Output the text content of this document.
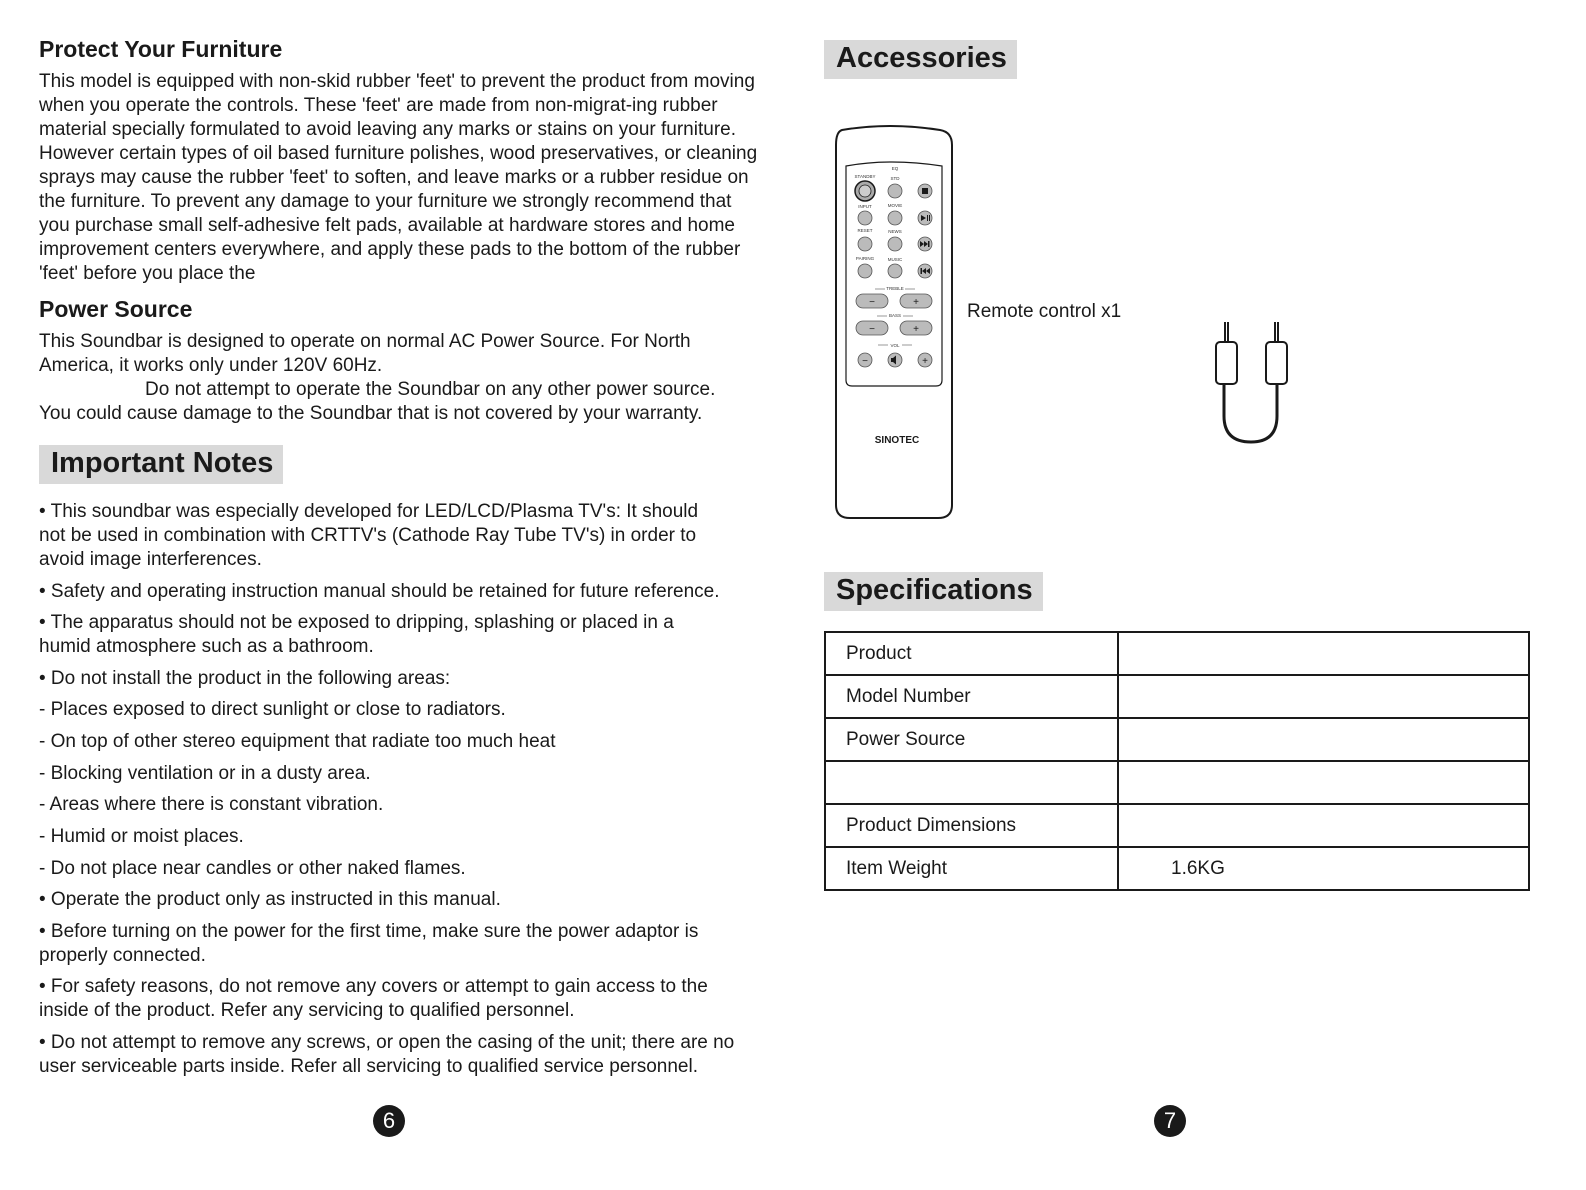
Protect Your Furniture

This model is equipped with non-skid rubber 'feet' to prevent the product from moving when you operate the controls. These 'feet' are made from non-migrat-ing rubber material specially formulated to avoid leaving any marks or stains on your furniture. However certain types of oil based furniture polishes, wood preservatives, or cleaning sprays may cause the rubber 'feet' to soften, and leave marks or a rubber residue on the furniture. To prevent any damage to your furniture we strongly recommend that you purchase small self-adhesive felt pads, available at hardware stores and home improvement centers everywhere, and apply these pads to the bottom of the rubber 'feet' before you place the

Power Source

This Soundbar is designed to operate on normal AC Power Source. For North America, it works only under 120V 60Hz.

Do not attempt to operate the Soundbar on any other power source.

You could cause damage to the Soundbar that is not covered by your warranty.

Important Notes

• This soundbar was especially developed for LED/LCD/Plasma TV's: It should not be used in combination with CRTTV's (Cathode Ray Tube TV's) in order to avoid image interferences.

• Safety and operating instruction manual should be retained for future reference.

• The apparatus should not be exposed to dripping, splashing or placed in a humid atmosphere such as a bathroom.

• Do not install the product in the following areas:

- Places exposed to direct sunlight or close to radiators.

- On top of other stereo equipment that radiate too much heat

- Blocking ventilation or in a dusty area.

- Areas where there is constant vibration.

- Humid or moist places.

- Do not place near candles or other naked flames.

• Operate the product only as instructed in this manual.

• Before turning on the power for the first time, make sure the power adaptor is properly connected.

• For safety reasons, do not remove any covers or attempt to gain access to the inside of the product. Refer any servicing to qualified personnel.

• Do not attempt to remove any screws, or open the casing of the unit; there are no user serviceable parts inside. Refer all servicing to qualified service personnel.

6
Accessories
EQ
STANDBY	STD
INPUT	MOVIE
RESET	NEWS
PAIRING	MUSIC
TREBLE
−	+
BASS
−	+
VOL
−	+
SINOTEC
Remote control x1
Specifications
Product	
Model Number	
Power Source	

Product Dimensions	
Item Weight	1.6KG
7
